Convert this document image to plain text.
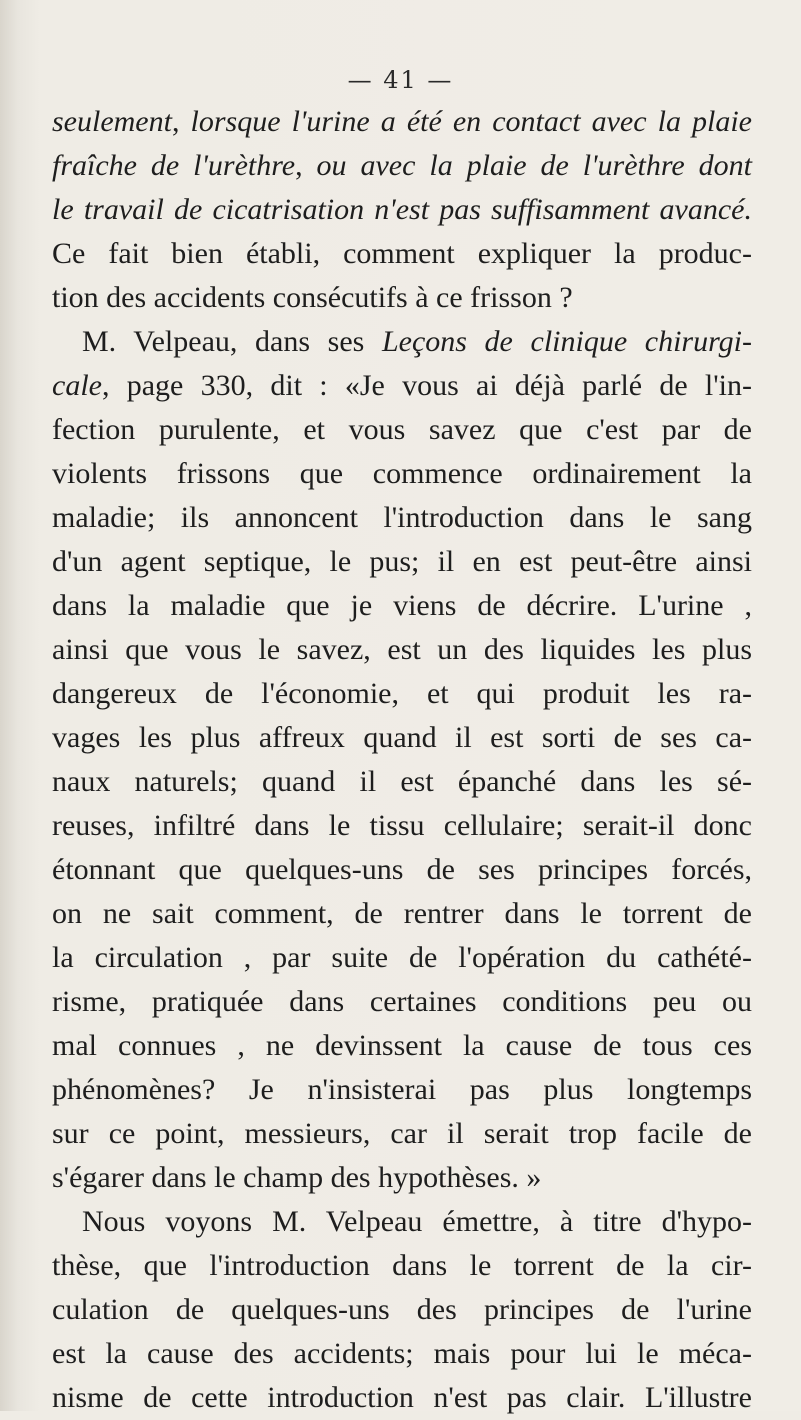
— 41 —
seulement, lorsque l'urine a été en contact avec la plaie
fraîche de l'urèthre, ou avec la plaie de l'urèthre dont
le travail de cicatrisation n'est pas suffisamment avancé.
Ce fait bien établi, comment expliquer la produc-
tion des accidents consécutifs à ce frisson ?
M. Velpeau, dans ses Leçons de clinique chirurgi-
cale, page 330, dit : «Je vous ai déjà parlé de l'in-
fection purulente, et vous savez que c'est par de
violents frissons que commence ordinairement la
maladie; ils annoncent l'introduction dans le sang
d'un agent septique, le pus; il en est peut-être ainsi
dans la maladie que je viens de décrire. L'urine ,
ainsi que vous le savez, est un des liquides les plus
dangereux de l'économie, et qui produit les ra-
vages les plus affreux quand il est sorti de ses ca-
naux naturels; quand il est épanché dans les sé-
reuses, infiltré dans le tissu cellulaire; serait-il donc
étonnant que quelques-uns de ses principes forcés,
on ne sait comment, de rentrer dans le torrent de
la circulation , par suite de l'opération du cathété-
risme, pratiquée dans certaines conditions peu ou
mal connues , ne devinssent la cause de tous ces
phénomènes? Je n'insisterai pas plus longtemps
sur ce point, messieurs, car il serait trop facile de
s'égarer dans le champ des hypothèses. »
Nous voyons M. Velpeau émettre, à titre d'hypo-
thèse, que l'introduction dans le torrent de la cir-
culation de quelques-uns des principes de l'urine
est la cause des accidents; mais pour lui le méca-
nisme de cette introduction n'est pas clair. L'illustre
